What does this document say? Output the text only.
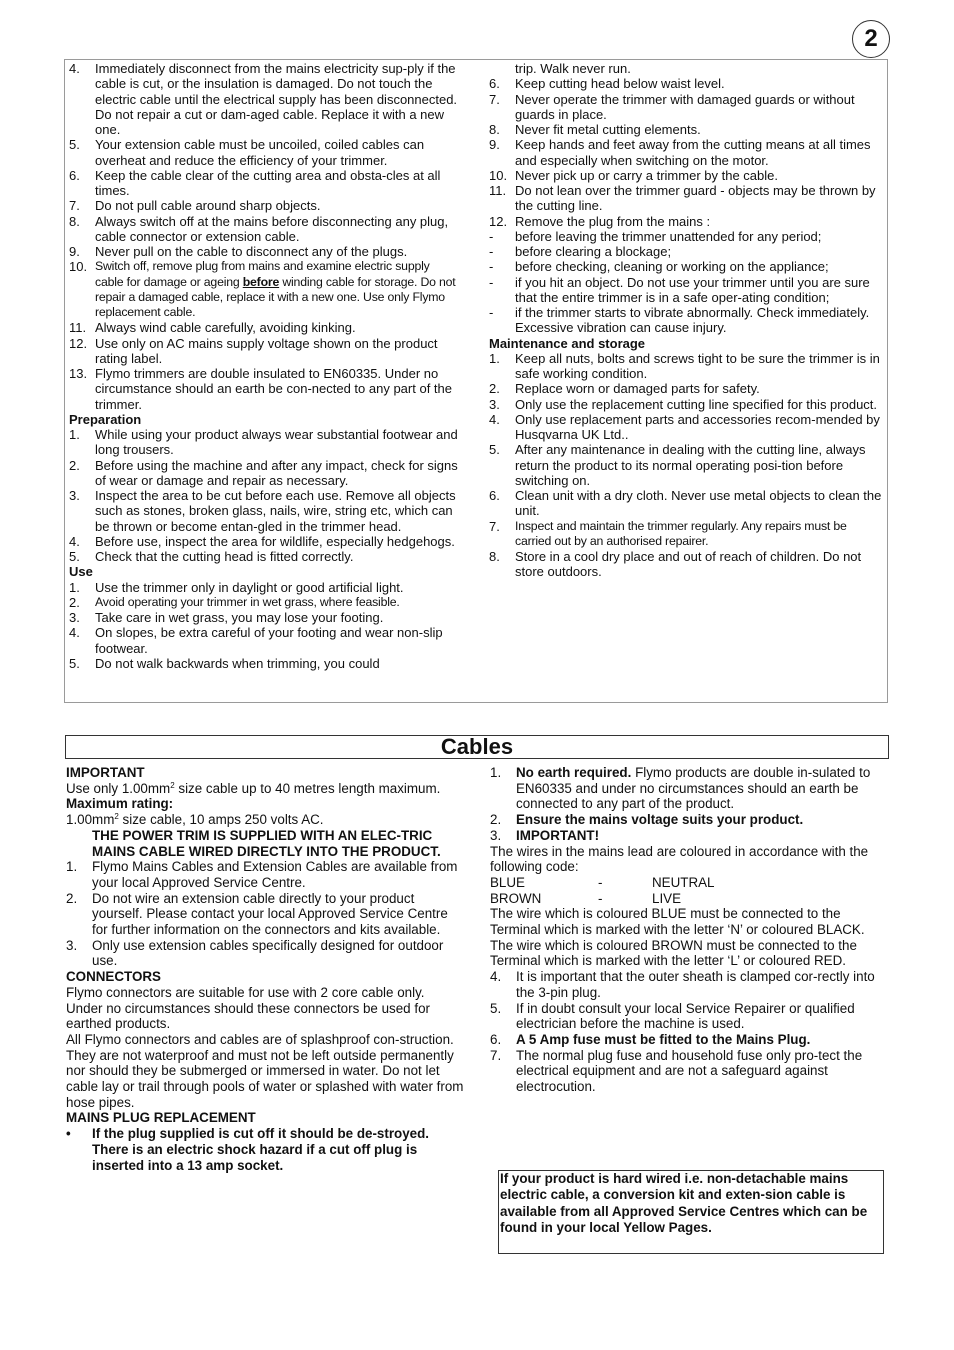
2
4.	Immediately disconnect from the mains electricity sup-ply if the cable is cut, or the insulation is damaged. Do not touch the electric cable until the electrical supply has been disconnected. Do not repair a cut or dam-aged cable. Replace it with a new one.
5.	Your extension cable must be uncoiled, coiled cables can overheat and reduce the efficiency of your trimmer.
6.	Keep the cable clear of the cutting area and obsta-cles at all times.
7.	Do not pull cable around sharp objects.
8.	Always switch off at the mains before disconnecting any plug, cable connector or extension cable.
9.	Never pull on the cable to disconnect any of the plugs.
10. Switch off, remove plug from mains and examine electric supply cable for damage or ageing before winding cable for storage. Do not repair a damaged cable, replace it with a new one. Use only Flymo replacement cable.
11. Always wind cable carefully, avoiding kinking.
12. Use only on AC mains supply voltage shown on the product rating label.
13. Flymo trimmers are double insulated to EN60335. Under no circumstance should an earth be con-nected to any part of the trimmer.
Preparation
1.	While using your product always wear substantial footwear and long trousers.
2.	Before using the machine and after any impact, check for signs of wear or damage and repair as necessary.
3.	Inspect the area to be cut before each use. Remove all objects such as stones, broken glass, nails, wire, string etc, which can be thrown or become entan-gled in the trimmer head.
4.	Before use, inspect the area for wildlife, especially hedgehogs.
5.	Check that the cutting head is fitted correctly.
Use
1.	Use the trimmer only in daylight or good artificial light.
2.	Avoid operating your trimmer in wet grass, where feasible.
3.	Take care in wet grass, you may lose your footing.
4.	On slopes, be extra careful of your footing and wear non-slip footwear.
5.	Do not walk backwards when trimming, you could
trip. Walk never run.
6.	Keep cutting head below waist level.
7.	Never operate the trimmer with damaged guards or without guards in place.
8.	Never fit metal cutting elements.
9.	Keep hands and feet away from the cutting means at all times and especially when switching on the motor.
10. Never pick up or carry a trimmer by the cable.
11. Do not lean over the trimmer guard - objects may be thrown by the cutting line.
12. Remove the plug from the mains :
-	before leaving the trimmer unattended for any period;
-	before clearing a blockage;
-	before checking, cleaning or working on the appliance;
-	if you hit an object. Do not use your trimmer until you are sure that the entire trimmer is in a safe oper-ating condition;
-	if the trimmer starts to vibrate abnormally. Check immediately. Excessive vibration can cause injury.
Maintenance and storage
1.	Keep all nuts, bolts and screws tight to be sure the trimmer is in safe working condition.
2.	Replace worn or damaged parts for safety.
3.	Only use the replacement cutting line specified for this product.
4.	Only use replacement parts and accessories recom-mended by Husqvarna UK Ltd..
5.	After any maintenance in dealing with the cutting line, always return the product to its normal operating posi-tion before switching on.
6.	Clean unit with a dry cloth. Never use metal objects to clean the unit.
7.	Inspect and maintain the trimmer regularly. Any repairs must be carried out by an authorised repairer.
8.	Store in a cool dry place and out of reach of children. Do not store outdoors.
Cables
IMPORTANT
Use only $1.00mm^2$ size cable up to 40 metres length maximum.
Maximum rating:
$1.00mm^2$ size cable, 10 amps 250 volts AC.
THE POWER TRIM IS SUPPLIED WITH AN ELEC-TRIC MAINS CABLE WIRED DIRECTLY INTO THE PRODUCT.
1.	Flymo Mains Cables and Extension Cables are available from your local Approved Service Centre.
2.	Do not wire an extension cable directly to your product yourself. Please contact your local Approved Service Centre for further information on the connectors and kits available.
3.	Only use extension cables specifically designed for outdoor use.
CONNECTORS
Flymo connectors are suitable for use with 2 core cable only. Under no circumstances should these connectors be used for earthed products.
All Flymo connectors and cables are of splashproof con-struction. They are not waterproof and must not be left outside permanently nor should they be submerged or immersed in water. Do not let cable lay or trail through pools of water or splashed with water from hose pipes.
MAINS PLUG REPLACEMENT
•	If the plug supplied is cut off it should be de-stroyed. There is an electric shock hazard if a cut off plug is inserted into a 13 amp socket.
1.	No earth required. Flymo products are double in-sulated to EN60335 and under no circumstances should an earth be connected to any part of the product.
2.	Ensure the mains voltage suits your product.
3.	IMPORTANT!
The wires in the mains lead are coloured in accordance with the following code:
BLUE	-	NEUTRAL
BROWN	-	LIVE
The wire which is coloured BLUE must be connected to the Terminal which is marked with the letter ‘N’ or coloured BLACK. The wire which is coloured BROWN must be connected to the Terminal which is marked with the letter ‘L’ or coloured RED.
4.	It is important that the outer sheath is clamped cor-rectly into the 3-pin plug.
5.	If in doubt consult your local Service Repairer or qualified electrician before the machine is used.
6.	A 5 Amp fuse must be fitted to the Mains Plug.
7.	The normal plug fuse and household fuse only pro-tect the electrical equipment and are not a safeguard against electrocution.
If your product is hard wired i.e. non-detachable mains electric cable, a conversion kit and exten-sion cable is available from all Approved Service Centres which can be found in your local Yellow Pages.
